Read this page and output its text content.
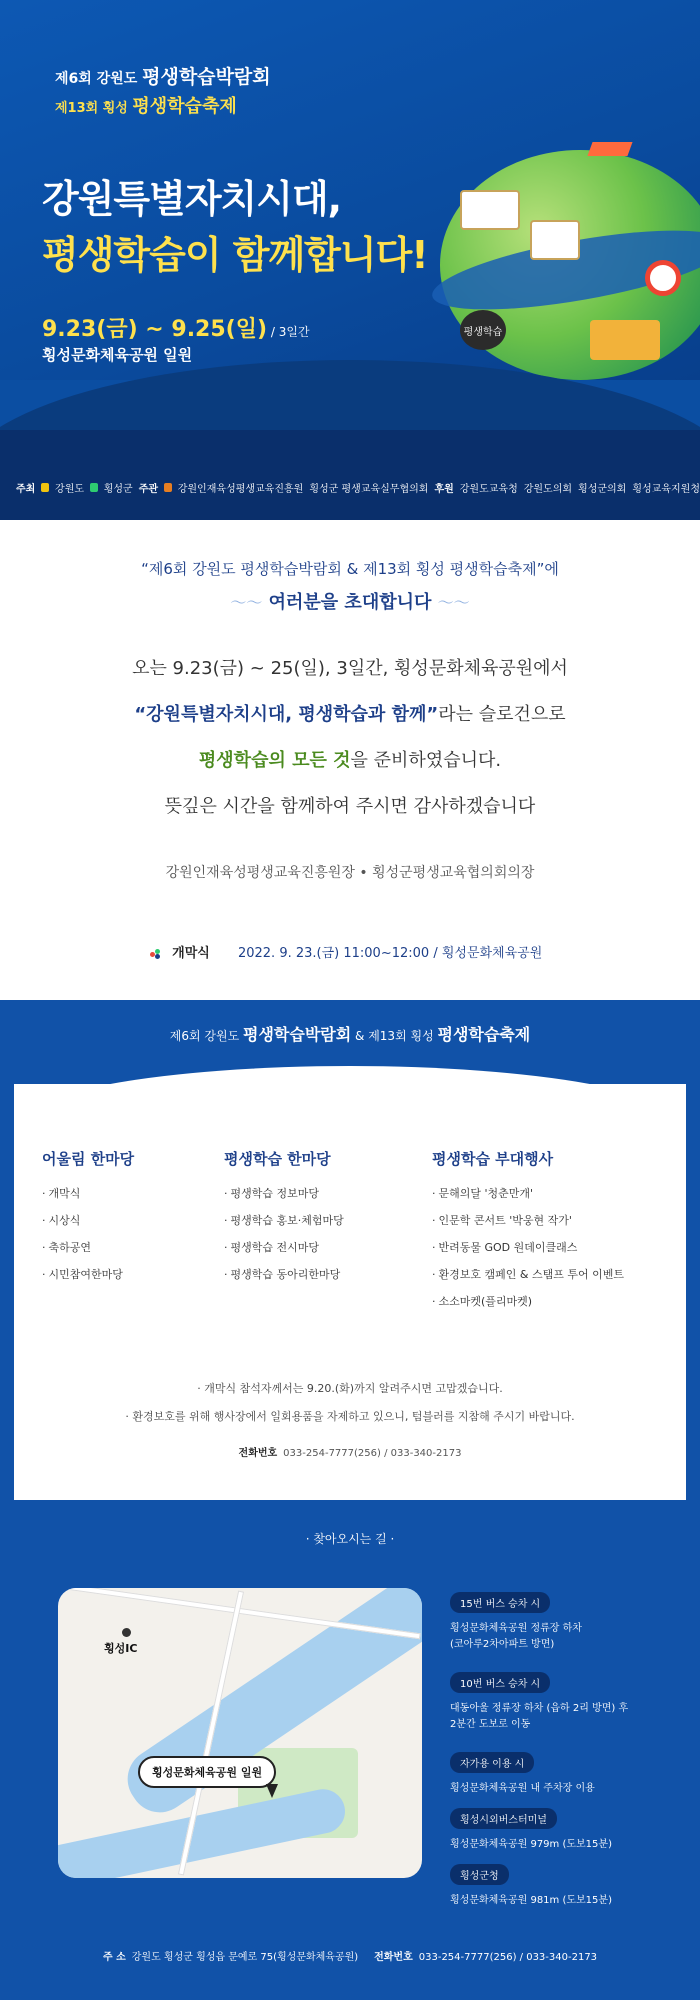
제6회 강원도 평생학습박람회
제13회 횡성 평생학습축제
강원특별자치시대,
평생학습이 함께합니다!
9.23(금) ~ 9.25(일) / 3일간
횡성문화체육공원 일원
평생학습
주최 강원도 횡성군 주관 강원인재육성평생교육진흥원 횡성군 평생교육실무협의회 후원 강원도교육청 강원도의회 횡성군의회 횡성교육지원청
“제6회 강원도 평생학습박람회 & 제13회 횡성 평생학습축제”에
〜〜 여러분을 초대합니다 〜〜
오는 9.23(금) ~ 25(일), 3일간, 횡성문화체육공원에서
“강원특별자치시대, 평생학습과 함께”라는 슬로건으로
평생학습의 모든 것을 준비하였습니다.
뜻깊은 시간을 함께하여 주시면 감사하겠습니다
강원인재육성평생교육진흥원장 • 횡성군평생교육협의회의장
개막식 2022. 9. 23.(금) 11:00~12:00 / 횡성문화체육공원
제6회 강원도 평생학습박람회 & 제13회 횡성 평생학습축제
어울림 한마당
· 개막식
· 시상식
· 축하공연
· 시민참여한마당
평생학습 한마당
· 평생학습 정보마당
· 평생학습 홍보·체험마당
· 평생학습 전시마당
· 평생학습 동아리한마당
평생학습 부대행사
· 문해의달 '청춘만개'
· 인문학 콘서트 '박웅현 작가'
· 반려동물 GOD 원데이클래스
· 환경보호 캠페인 & 스탬프 투어 이벤트
· 소소마켓(플리마켓)
· 개막식 참석자께서는 9.20.(화)까지 알려주시면 고맙겠습니다.
· 환경보호를 위해 행사장에서 일회용품을 자제하고 있으니, 텀블러를 지참해 주시기 바랍니다.
전화번호 033-254-7777(256) / 033-340-2173
· 찾아오시는 길 ·
횡성IC
횡성문화체육공원 일원
15번 버스 승차 시
횡성문화체육공원 정류장 하차
(코아루2차아파트 방면)
10번 버스 승차 시
대동아울 정류장 하차 (읍하 2리 방면) 후
2분간 도보로 이동
자가용 이용 시
횡성문화체육공원 내 주차장 이용
횡성시외버스터미널
횡성문화체육공원 979m (도보15분)
횡성군청
횡성문화체육공원 981m (도보15분)
주 소 강원도 횡성군 횡성읍 문예로 75(횡성문화체육공원) 전화번호 033-254-7777(256) / 033-340-2173
